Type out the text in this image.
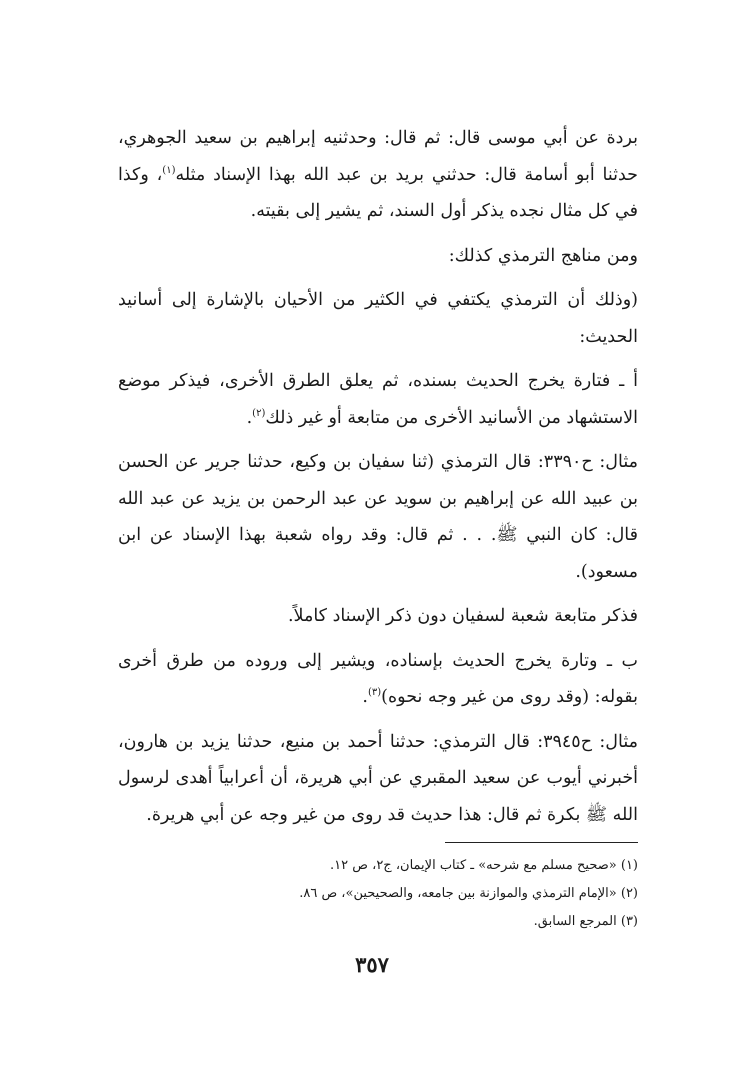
بردة عن أبي موسى قال: ثم قال: وحدثنيه إبراهيم بن سعيد الجوهري، حدثنا أبو أسامة قال: حدثني بريد بن عبد الله بهذا الإسناد مثله$^{(١)}$، وكذا في كل مثال نجده يذكر أول السند، ثم يشير إلى بقيته.

ومن مناهج الترمذي كذلك:

(وذلك أن الترمذي يكتفي في الكثير من الأحيان بالإشارة إلى أسانيد الحديث:

أ ـ فتارة يخرج الحديث بسنده، ثم يعلق الطرق الأخرى، فيذكر موضع الاستشهاد من الأسانيد الأخرى من متابعة أو غير ذلك$^{(٢)}$.

مثال: ح٣٣٩٠: قال الترمذي (ثنا سفيان بن وكيع، حدثنا جرير عن الحسن بن عبيد الله عن إبراهيم بن سويد عن عبد الرحمن بن يزيد عن عبد الله قال: كان النبي ﷺ. . . ثم قال: وقد رواه شعبة بهذا الإسناد عن ابن مسعود).

فذكر متابعة شعبة لسفيان دون ذكر الإسناد كاملاً.

ب ـ وتارة يخرج الحديث بإسناده، ويشير إلى وروده من طرق أخرى بقوله: (وقد روى من غير وجه نحوه)$^{(٣)}$.

مثال: ح٣٩٤٥: قال الترمذي: حدثنا أحمد بن منيع، حدثنا يزيد بن هارون، أخبرني أيوب عن سعيد المقبري عن أبي هريرة، أن أعرابياً أهدى لرسول الله ﷺ بكرة ثم قال: هذا حديث قد روى من غير وجه عن أبي هريرة.

(١) «صحيح مسلم مع شرحه» ـ كتاب الإيمان، ج٢، ص ١٢.

(٢) «الإمام الترمذي والموازنة بين جامعه، والصحيحين»، ص ٨٦.

(٣) المرجع السابق.

٣٥٧
